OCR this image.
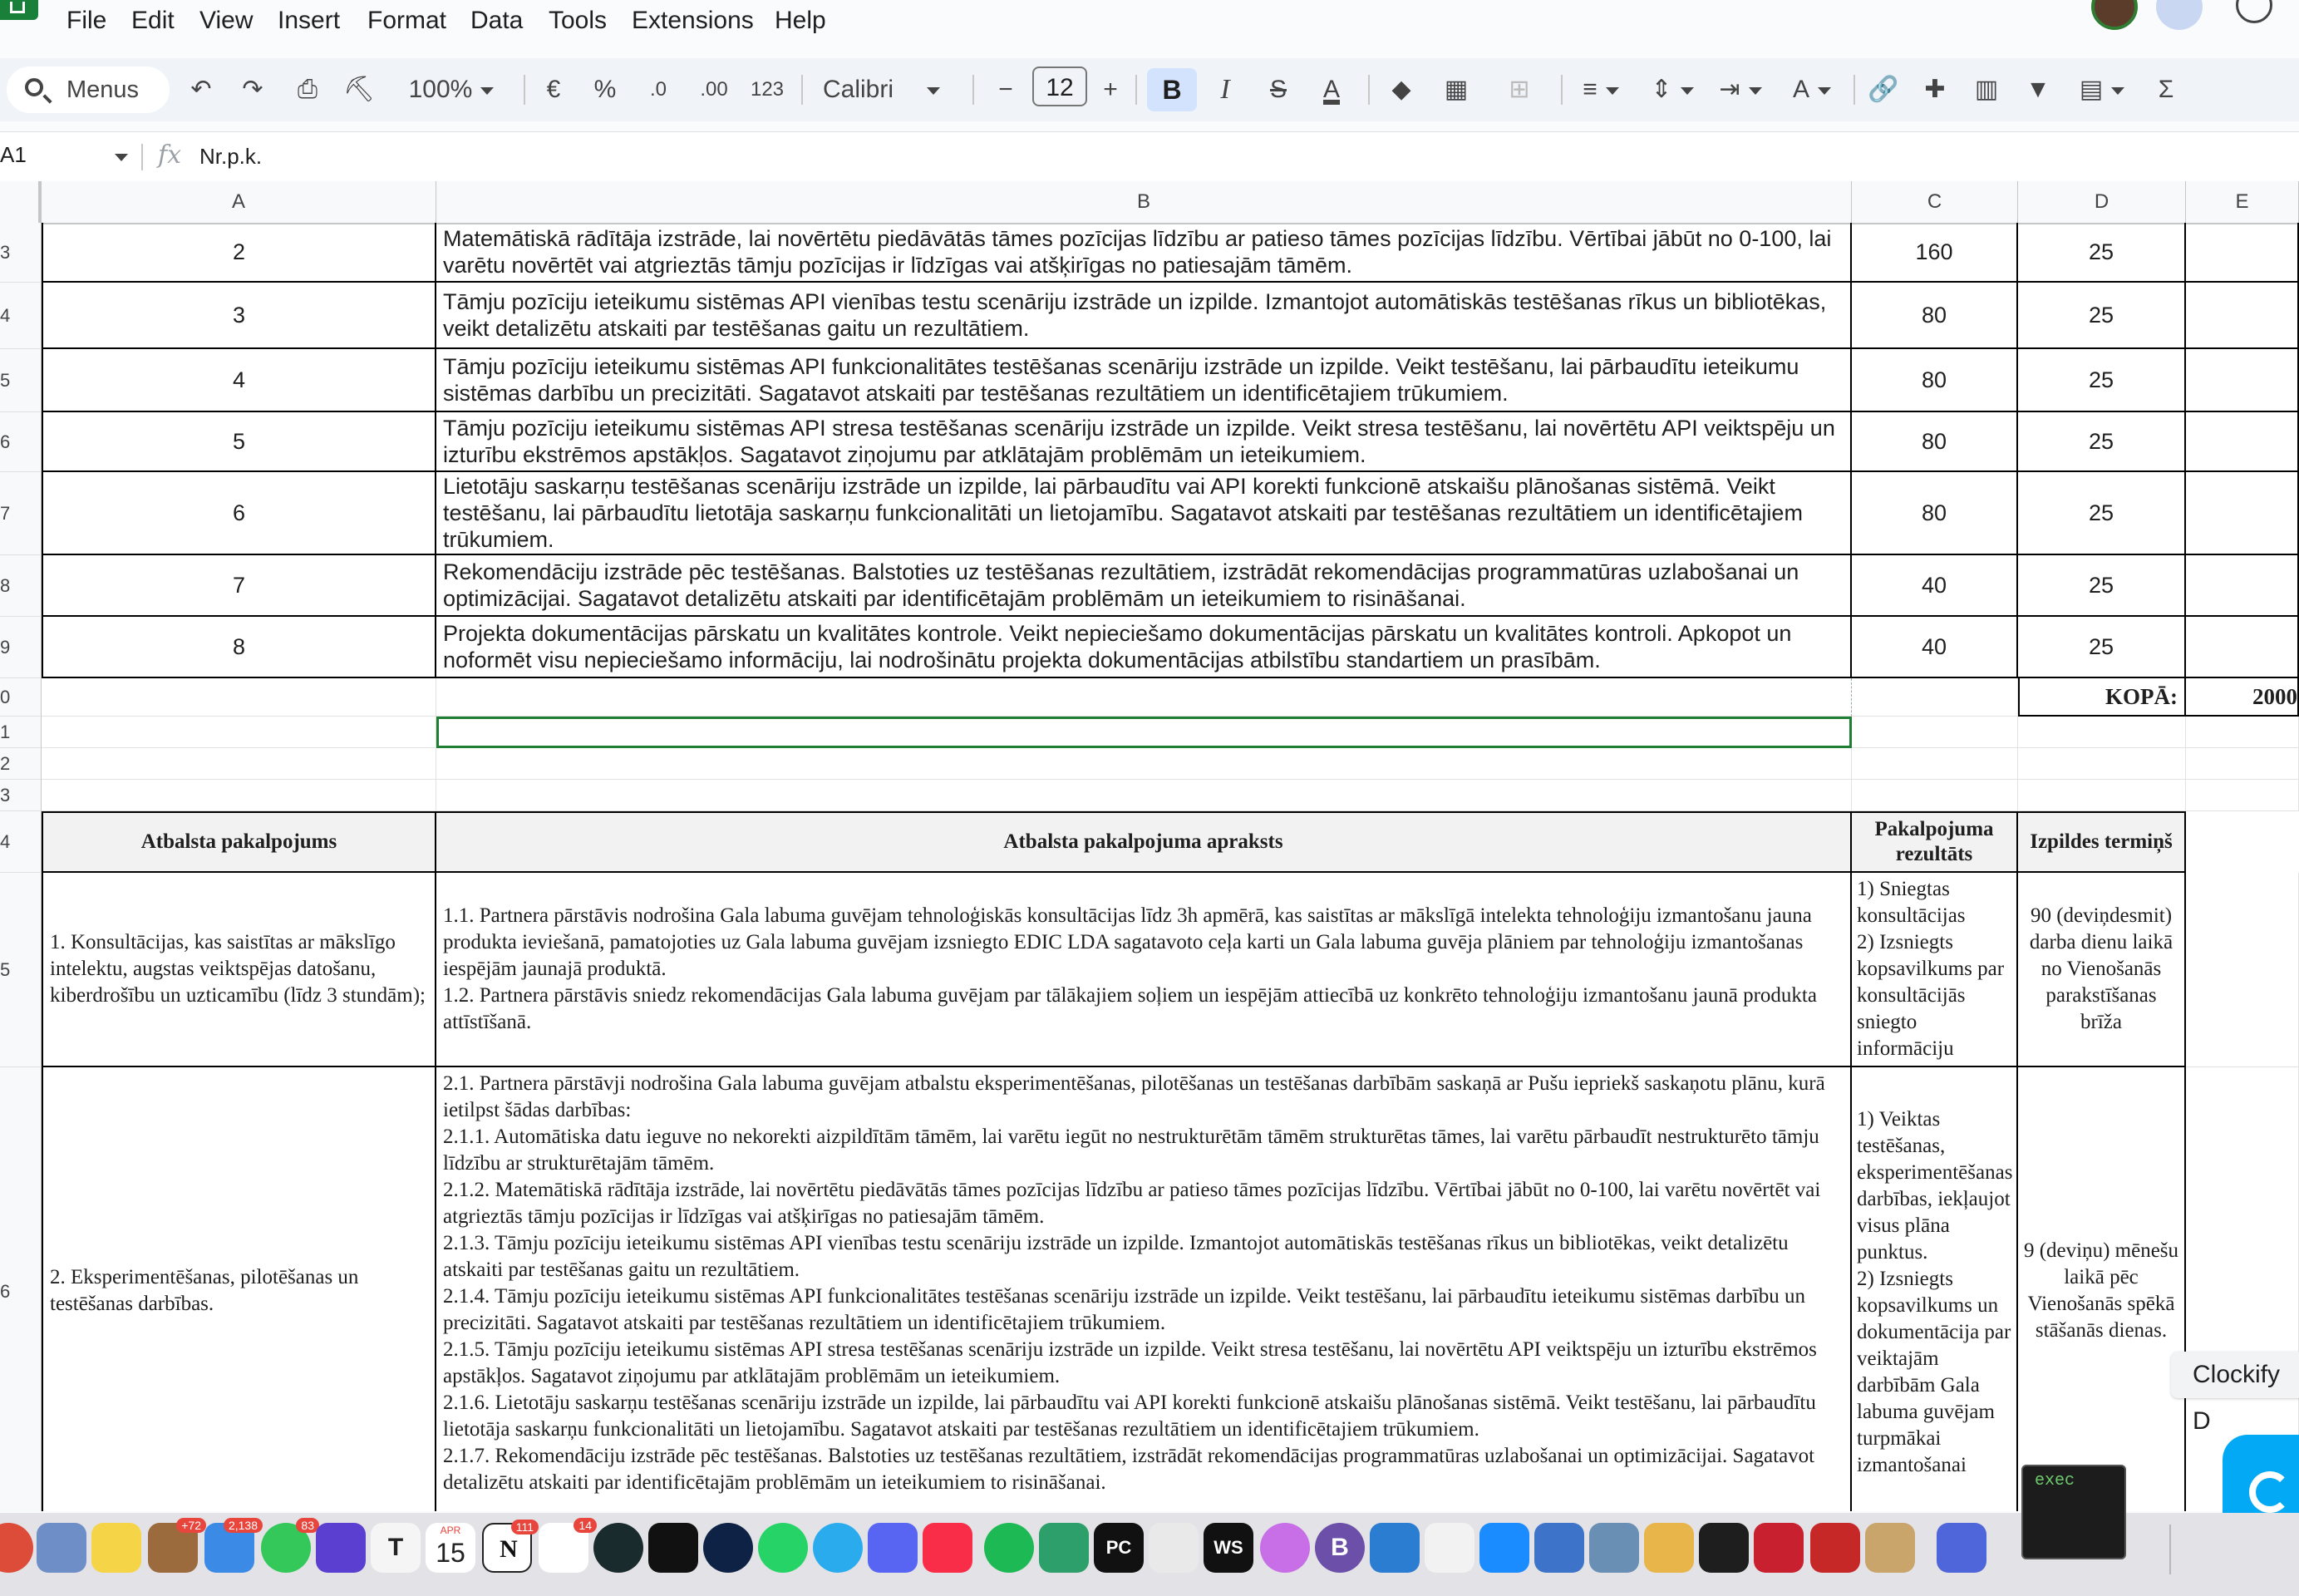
File Edit View Insert Format Data Tools Extensions Help
Menus ↶ ↷ ⎙ ⛏	100%	€	%	.0	.00	123 Calibri	−	12	+	B	I	S	A	◆	▦	⊞	≡	⇕	⇥	A	🔗	✚	▥ ▼ ▤	Σ
A1	fx Nr.p.k.
A	B	C	D	E
3	2
Matemātiskā rādītāja izstrāde, lai novērtētu piedāvātās tāmes pozīcijas līdzību ar patieso tāmes pozīcijas līdzību. Vērtībai jābūt no 0-100, lai varētu novērtēt vai atgrieztās tāmju pozīcijas ir līdzīgas vai atšķirīgas no patiesajām tāmēm.
160	25
4	3
Tāmju pozīciju ieteikumu sistēmas API vienības testu scenāriju izstrāde un izpilde. Izmantojot automātiskās testēšanas rīkus un bibliotēkas, veikt detalizētu atskaiti par testēšanas gaitu un rezultātiem.
80	25
5	4
Tāmju pozīciju ieteikumu sistēmas API funkcionalitātes testēšanas scenāriju izstrāde un izpilde. Veikt testēšanu, lai pārbaudītu ieteikumu sistēmas darbību un precizitāti. Sagatavot atskaiti par testēšanas rezultātiem un identificētajiem trūkumiem.
80	25
6	5
Tāmju pozīciju ieteikumu sistēmas API stresa testēšanas scenāriju izstrāde un izpilde. Veikt stresa testēšanu, lai novērtētu API veiktspēju un izturību ekstrēmos apstākļos. Sagatavot ziņojumu par atklātajām problēmām un ieteikumiem.
80	25
7	6
Lietotāju saskarņu testēšanas scenāriju izstrāde un izpilde, lai pārbaudītu vai API korekti funkcionē atskaišu plānošanas sistēmā. Veikt testēšanu, lai pārbaudītu lietotāja saskarņu funkcionalitāti un lietojamību. Sagatavot atskaiti par testēšanas rezultātiem un identificētajiem trūkumiem.
80	25
8	7
Rekomendāciju izstrāde pēc testēšanas. Balstoties uz testēšanas rezultātiem, izstrādāt rekomendācijas programmatūras uzlabošanai un optimizācijai. Sagatavot detalizētu atskaiti par identificētajām problēmām un ieteikumiem to risināšanai.
40	25
9	8
Projekta dokumentācijas pārskatu un kvalitātes kontrole. Veikt nepieciešamo dokumentācijas pārskatu un kvalitātes kontroli. Apkopot un noformēt visu nepieciešamo informāciju, lai nodrošinātu projekta dokumentācijas atbilstību standartiem un prasībām.
40	25
0	KOPĀ:	2000
1
2
3
4	Atbalsta pakalpojums	Atbalsta pakalpojuma apraksts
Pakalpojuma rezultāts
Izpildes termiņš
5
1. Konsultācijas, kas saistītas ar mākslīgo intelektu, augstas veiktspējas datošanu, kiberdrošību un uzticamību (līdz 3 stundām);
1.1. Partnera pārstāvis nodrošina Gala labuma guvējam tehnoloģiskās konsultācijas līdz 3h apmērā, kas saistītas ar mākslīgā intelekta tehnoloģiju izmantošanu jauna produkta ieviešanā, pamatojoties uz Gala labuma guvējam izsniegto EDIC LDA sagatavoto ceļa karti un Gala labuma guvēja plāniem par tehnoloģiju izmantošanas iespējām jaunajā produktā.
1.2. Partnera pārstāvis sniedz rekomendācijas Gala labuma guvējam par tālākajiem soļiem un iespējām attiecībā uz konkrēto tehnoloģiju izmantošanu jaunā produkta attīstīšanā.
1) Sniegtas konsultācijas
2) Izsniegts kopsavilkums par konsultācijās sniegto informāciju
90 (deviņdesmit) darba dienu laikā no Vienošanās parakstīšanas brīža
6
2. Eksperimentēšanas, pilotēšanas un testēšanas darbības.
2.1. Partnera pārstāvji nodrošina Gala labuma guvējam atbalstu eksperimentēšanas, pilotēšanas un testēšanas darbībām saskaņā ar Pušu iepriekš saskaņotu plānu, kurā ietilpst šādas darbības:
2.1.1. Automātiska datu ieguve no nekorekti aizpildītām tāmēm, lai varētu iegūt no nestrukturētām tāmēm strukturētas tāmes, lai varētu pārbaudīt nestrukturēto tāmju līdzību ar strukturētajām tāmēm.
2.1.2. Matemātiskā rādītāja izstrāde, lai novērtētu piedāvātās tāmes pozīcijas līdzību ar patieso tāmes pozīcijas līdzību. Vērtībai jābūt no 0-100, lai varētu novērtēt vai atgrieztās tāmju pozīcijas ir līdzīgas vai atšķirīgas no patiesajām tāmēm.
2.1.3. Tāmju pozīciju ieteikumu sistēmas API vienības testu scenāriju izstrāde un izpilde. Izmantojot automātiskās testēšanas rīkus un bibliotēkas, veikt detalizētu atskaiti par testēšanas gaitu un rezultātiem.
2.1.4. Tāmju pozīciju ieteikumu sistēmas API funkcionalitātes testēšanas scenāriju izstrāde un izpilde. Veikt testēšanu, lai pārbaudītu ieteikumu sistēmas darbību un precizitāti. Sagatavot atskaiti par testēšanas rezultātiem un identificētajiem trūkumiem.
2.1.5. Tāmju pozīciju ieteikumu sistēmas API stresa testēšanas scenāriju izstrāde un izpilde. Veikt stresa testēšanu, lai novērtētu API veiktspēju un izturību ekstrēmos apstākļos. Sagatavot ziņojumu par atklātajām problēmām un ieteikumiem.
2.1.6. Lietotāju saskarņu testēšanas scenāriju izstrāde un izpilde, lai pārbaudītu vai API korekti funkcionē atskaišu plānošanas sistēmā. Veikt testēšanu, lai pārbaudītu lietotāja saskarņu funkcionalitāti un lietojamību. Sagatavot atskaiti par testēšanas rezultātiem un identificētajiem trūkumiem.
2.1.7. Rekomendāciju izstrāde pēc testēšanas. Balstoties uz testēšanas rezultātiem, izstrādāt rekomendācijas programmatūras uzlabošanai un optimizācijai. Sagatavot detalizētu atskaiti par identificētajām problēmām un ieteikumiem to risināšanai.
1) Veiktas testēšanas, eksperimentēšanas darbības, iekļaujot visus plāna punktus.
2) Izsniegts kopsavilkums un dokumentācija par veiktajām darbībām Gala labuma guvējam turpmākai izmantošanai
9 (deviņu) mēnešu laikā pēc Vienošanās spēkā stāšanās dienas.
Clockify D
+72	2,138	83
T
APR
15	N
111	14
PC	WS	B
exec
